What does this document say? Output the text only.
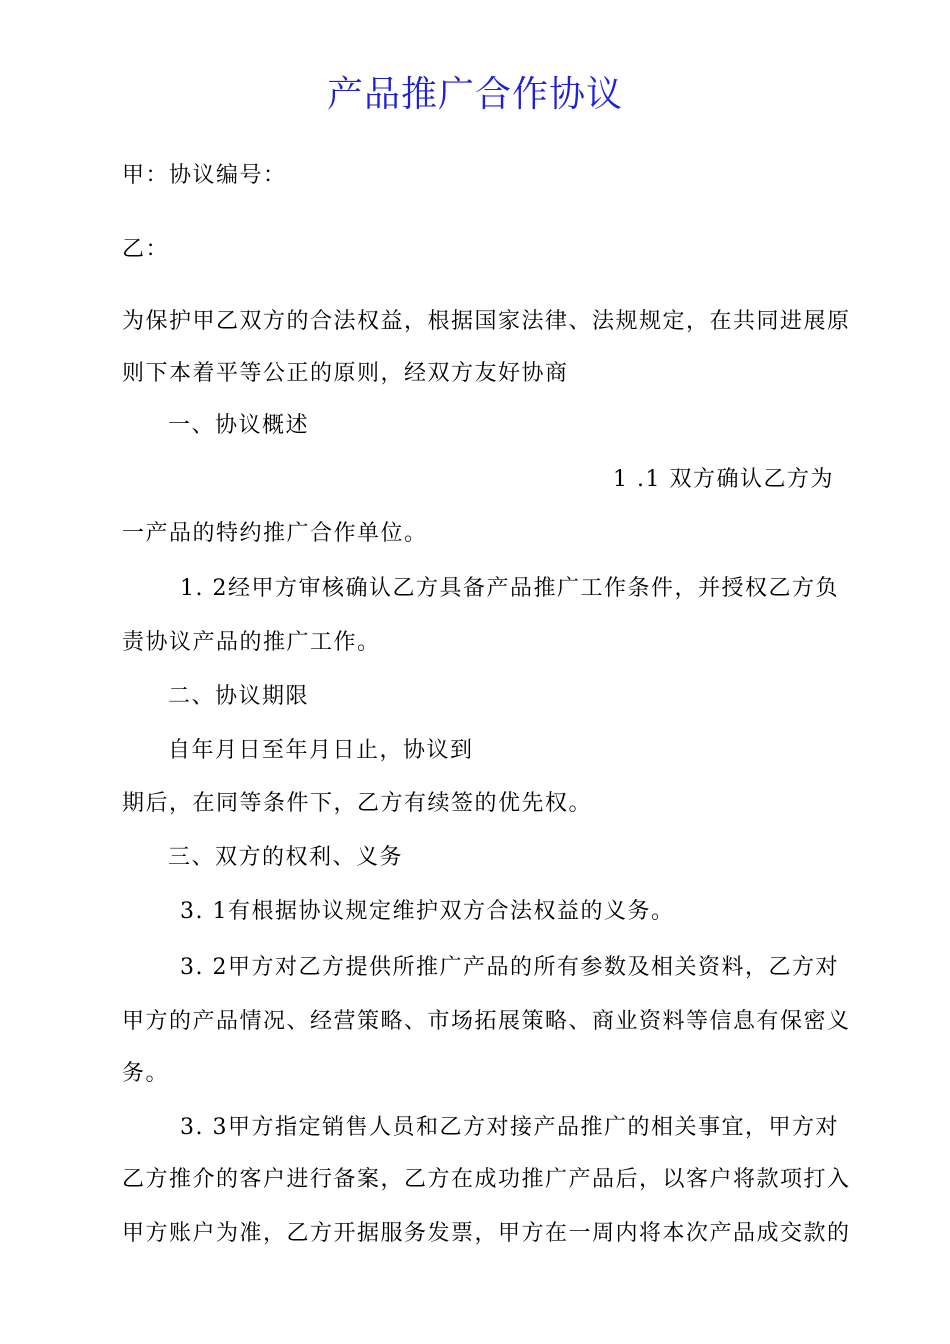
产品推广合作协议
甲：协议编号：
乙：
为保护甲乙双方的合法权益，根据国家法律、法规规定，在共同进展原
则下本着平等公正的原则，经双方友好协商
一、协议概述
1 .1 双方确认乙方为
一产品的特约推广合作单位。
1. 2经甲方审核确认乙方具备产品推广工作条件，并授权乙方负
责协议产品的推广工作。
二、协议期限
自年月日至年月日止，协议到
期后，在同等条件下，乙方有续签的优先权。
三、双方的权利、义务
3. 1有根据协议规定维护双方合法权益的义务。
3. 2甲方对乙方提供所推广产品的所有参数及相关资料，乙方对
甲方的产品情况、经营策略、市场拓展策略、商业资料等信息有保密义
务。
3. 3甲方指定销售人员和乙方对接产品推广的相关事宜，甲方对
乙方推介的客户进行备案，乙方在成功推广产品后，以客户将款项打入
甲方账户为准，乙方开据服务发票，甲方在一周内将本次产品成交款的
